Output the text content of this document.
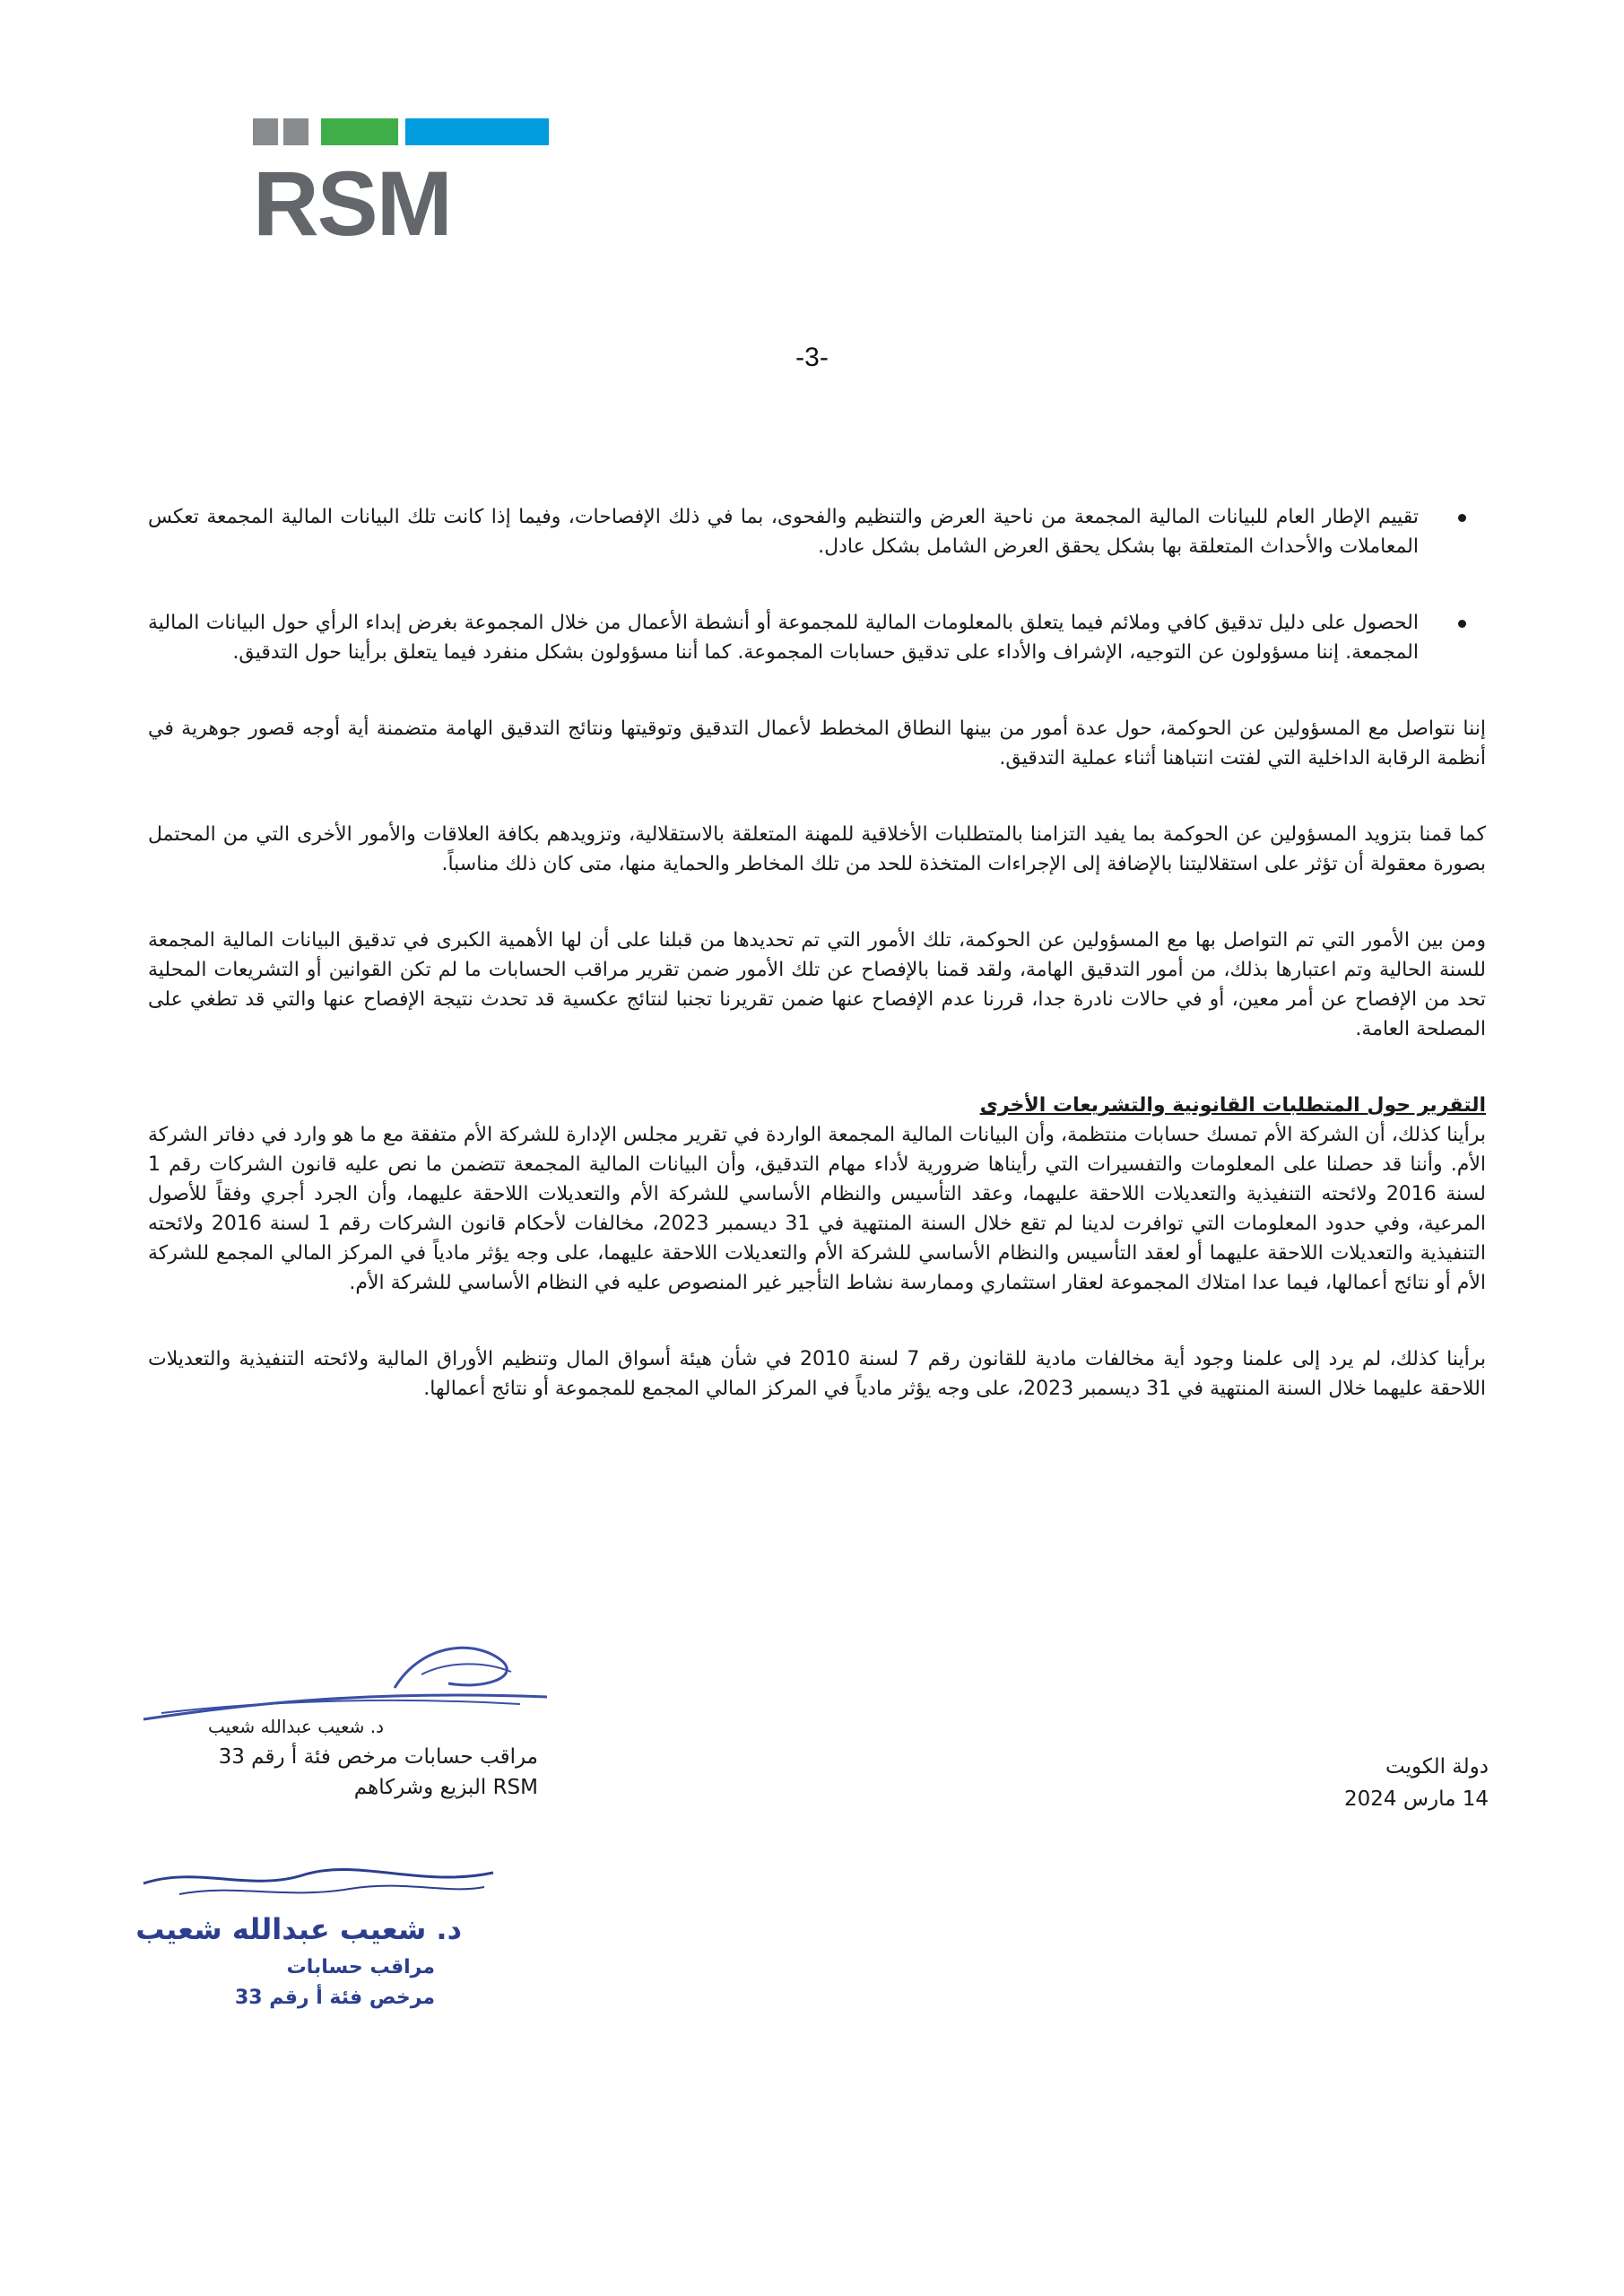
RSM
-3-
تقييم الإطار العام للبيانات المالية المجمعة من ناحية العرض والتنظيم والفحوى، بما في ذلك الإفصاحات، وفيما إذا كانت تلك البيانات المالية المجمعة تعكس المعاملات والأحداث المتعلقة بها بشكل يحقق العرض الشامل بشكل عادل.
الحصول على دليل تدقيق كافي وملائم فيما يتعلق بالمعلومات المالية للمجموعة أو أنشطة الأعمال من خلال المجموعة بغرض إبداء الرأي حول البيانات المالية المجمعة. إننا مسؤولون عن التوجيه، الإشراف والأداء على تدقيق حسابات المجموعة. كما أننا مسؤولون بشكل منفرد فيما يتعلق برأينا حول التدقيق.

إننا نتواصل مع المسؤولين عن الحوكمة، حول عدة أمور من بينها النطاق المخطط لأعمال التدقيق وتوقيتها ونتائج التدقيق الهامة متضمنة أية أوجه قصور جوهرية في أنظمة الرقابة الداخلية التي لفتت انتباهنا أثناء عملية التدقيق.

كما قمنا بتزويد المسؤولين عن الحوكمة بما يفيد التزامنا بالمتطلبات الأخلاقية للمهنة المتعلقة بالاستقلالية، وتزويدهم بكافة العلاقات والأمور الأخرى التي من المحتمل بصورة معقولة أن تؤثر على استقلاليتنا بالإضافة إلى الإجراءات المتخذة للحد من تلك المخاطر والحماية منها، متى كان ذلك مناسباً.

ومن بين الأمور التي تم التواصل بها مع المسؤولين عن الحوكمة، تلك الأمور التي تم تحديدها من قبلنا على أن لها الأهمية الكبرى في تدقيق البيانات المالية المجمعة للسنة الحالية وتم اعتبارها بذلك، من أمور التدقيق الهامة، ولقد قمنا بالإفصاح عن تلك الأمور ضمن تقرير مراقب الحسابات ما لم تكن القوانين أو التشريعات المحلية تحد من الإفصاح عن أمر معين، أو في حالات نادرة جدا، قررنا عدم الإفصاح عنها ضمن تقريرنا تجنبا لنتائج عكسية قد تحدث نتيجة الإفصاح عنها والتي قد تطغي على المصلحة العامة.

التقرير حول المتطلبات القانونية والتشريعات الأخرى

برأينا كذلك، أن الشركة الأم تمسك حسابات منتظمة، وأن البيانات المالية المجمعة الواردة في تقرير مجلس الإدارة للشركة الأم متفقة مع ما هو وارد في دفاتر الشركة الأم. وأننا قد حصلنا على المعلومات والتفسيرات التي رأيناها ضرورية لأداء مهام التدقيق، وأن البيانات المالية المجمعة تتضمن ما نص عليه قانون الشركات رقم 1 لسنة 2016 ولائحته التنفيذية والتعديلات اللاحقة عليهما، وعقد التأسيس والنظام الأساسي للشركة الأم والتعديلات اللاحقة عليهما، وأن الجرد أجري وفقاً للأصول المرعية، وفي حدود المعلومات التي توافرت لدينا لم تقع خلال السنة المنتهية في 31 ديسمبر 2023، مخالفات لأحكام قانون الشركات رقم 1 لسنة 2016 ولائحته التنفيذية والتعديلات اللاحقة عليهما أو لعقد التأسيس والنظام الأساسي للشركة الأم والتعديلات اللاحقة عليهما، على وجه يؤثر مادياً في المركز المالي المجمع للشركة الأم أو نتائج أعمالها، فيما عدا امتلاك المجموعة لعقار استثماري وممارسة نشاط التأجير غير المنصوص عليه في النظام الأساسي للشركة الأم.

برأينا كذلك، لم يرد إلى علمنا وجود أية مخالفات مادية للقانون رقم 7 لسنة 2010 في شأن هيئة أسواق المال وتنظيم الأوراق المالية ولائحته التنفيذية والتعديلات اللاحقة عليهما خلال السنة المنتهية في 31 ديسمبر 2023، على وجه يؤثر مادياً في المركز المالي المجمع للمجموعة أو نتائج أعمالها.

د. شعيب عبدالله شعيب
مراقب حسابات مرخص فئة أ رقم 33
RSM البزيع وشركاهم
دولة الكويت
14 مارس 2024
د. شعيب عبدالله شعيب
مراقب حسابات
مرخص فئة أ رقم 33
